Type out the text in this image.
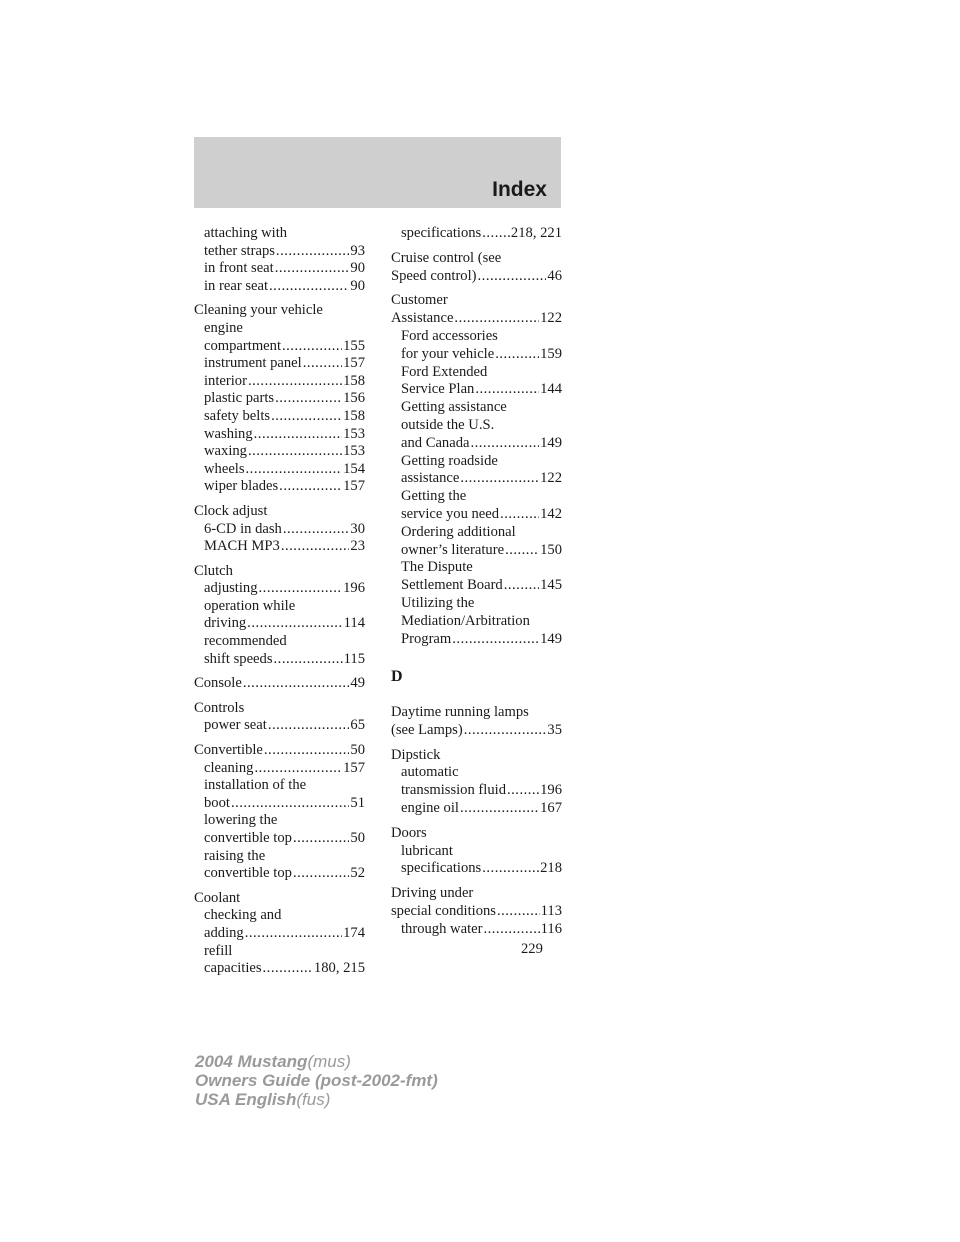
Index
attaching with
tether straps .....	93
in front seat .....	90
in rear seat .....	90
Cleaning your vehicle
engine
compartment .....	155
instrument panel .....	157
interior .....	158
plastic parts .....	156
safety belts .....	158
washing .....	153
waxing .....	153
wheels .....	154
wiper blades .....	157
Clock adjust
6-CD in dash .....	30
MACH MP3 .....	23
Clutch
adjusting .....	196
operation while
driving .....	114
recommended
shift speeds .....	115
Console .....	49
Controls
power seat .....	65
Convertible .....	50
cleaning .....	157
installation of the
boot .....	51
lowering the
convertible top .....	50
raising the
convertible top .....	52
Coolant
checking and
adding .....	174
refill
capacities .....	180, 215
specifications ..... 218, 221
Cruise control (see
Speed control) .....	46
Customer
Assistance .....	122
Ford accessories
for your vehicle .....	159
Ford Extended
Service Plan .....	144
Getting assistance
outside the U.S.
and Canada .....	149
Getting roadside
assistance .....	122
Getting the
service you need .....	142
Ordering additional
owner’s literature ..... 150
The Dispute
Settlement Board .....	145
Utilizing the
Mediation/Arbitration
Program .....	149
D
Daytime running lamps
(see Lamps) .....	35
Dipstick
automatic
transmission fluid ..... 196
engine oil .....	167
Doors
lubricant
specifications .....	218
Driving under
special conditions .....	113
through water .....	116
229
2004 Mustang(mus)
Owners Guide (post-2002-fmt)
USA English(fus)
